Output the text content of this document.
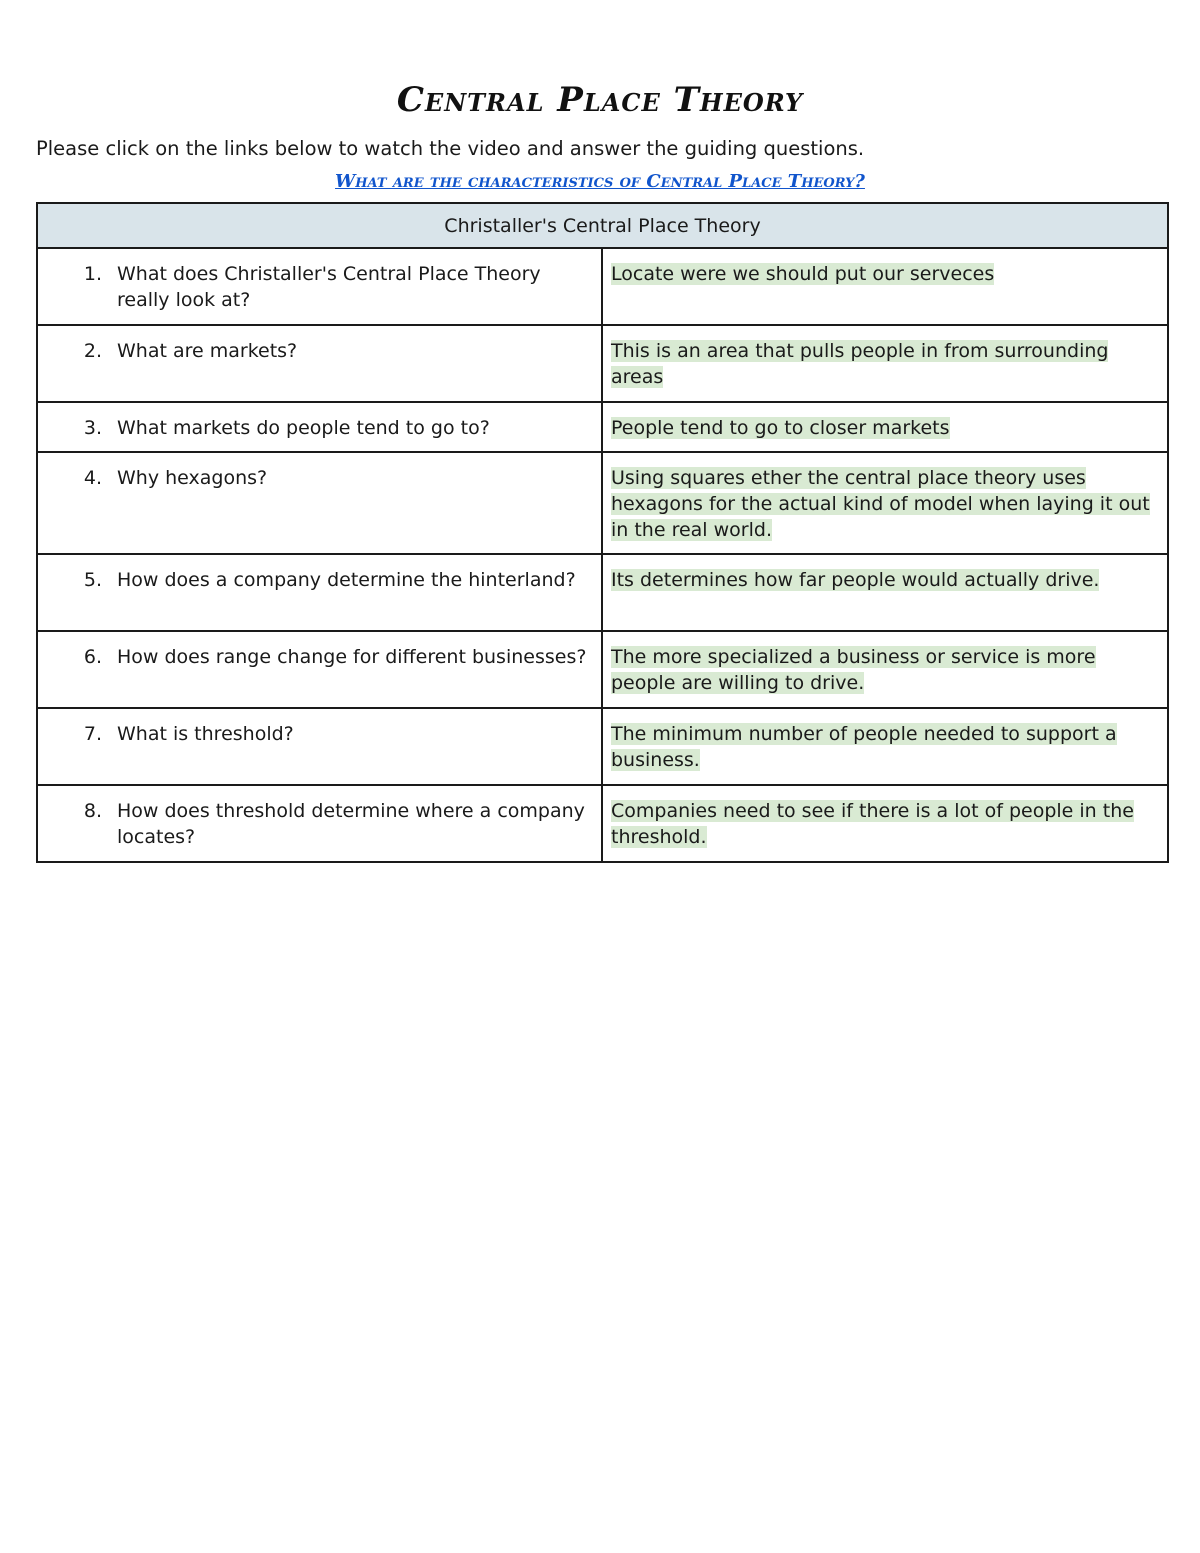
Central Place Theory
Please click on the links below to watch the video and answer the guiding questions.
What are the characteristics of Central Place Theory?
Christaller's Central Place Theory	

1. What does Christaller's Central Place Theory really look at?	Locate were we should put our serveces

2. What are markets?	This is an area that pulls people in from surrounding areas

3. What markets do people tend to go to?	People tend to go to closer markets

4. Why hexagons?	Using squares ether the central place theory uses hexagons for the actual kind of model when laying it out in the real world.

5. How does a company determine the hinterland?	Its determines how far people would actually drive.

6. How does range change for different businesses?	The more specialized a business or service is more people are willing to drive.

7. What is threshold?	The minimum number of people needed to support a business.

8. How does threshold determine where a company locates?	Companies need to see if there is a lot of people in the threshold.
